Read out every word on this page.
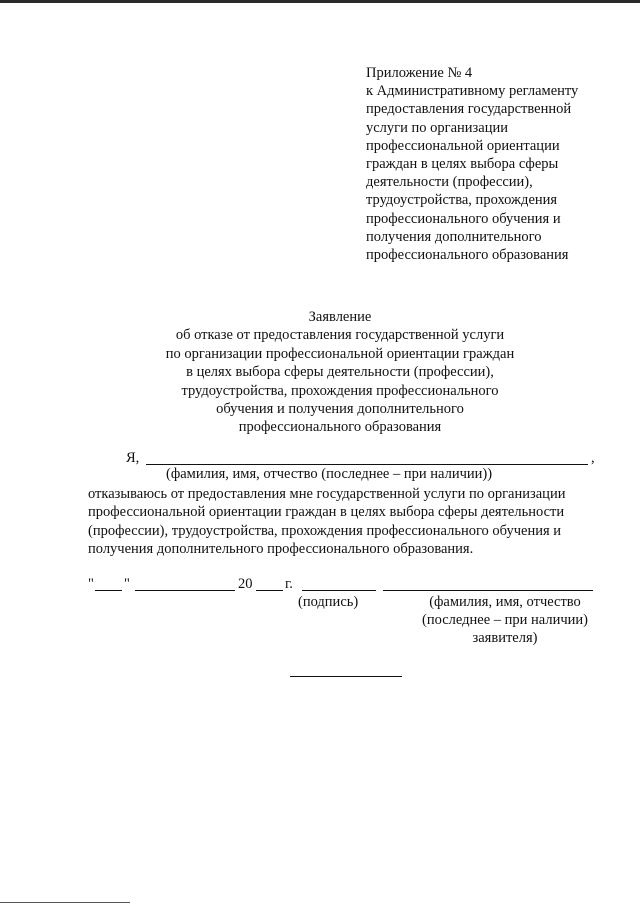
Приложение № 4
к Административному регламенту
предоставления государственной
услуги по организации
профессиональной ориентации
граждан в целях выбора сферы
деятельности (профессии),
трудоустройства, прохождения
профессионального обучения и
получения дополнительного
профессионального образования
Заявление
об отказе от предоставления государственной услуги
по организации профессиональной ориентации граждан
в целях выбора сферы деятельности (профессии),
трудоустройства, прохождения профессионального
обучения и получения дополнительного
профессионального образования
Я,	,
(фамилия, имя, отчество (последнее – при наличии))
отказываюсь от предоставления мне государственной услуги по организации
профессиональной ориентации граждан в целях выбора сферы деятельности
(профессии), трудоустройства, прохождения профессионального обучения и
получения дополнительного профессионального образования.
" "	20 г.
(подпись)	(фамилия, имя, отчество
(последнее – при наличии)
заявителя)
